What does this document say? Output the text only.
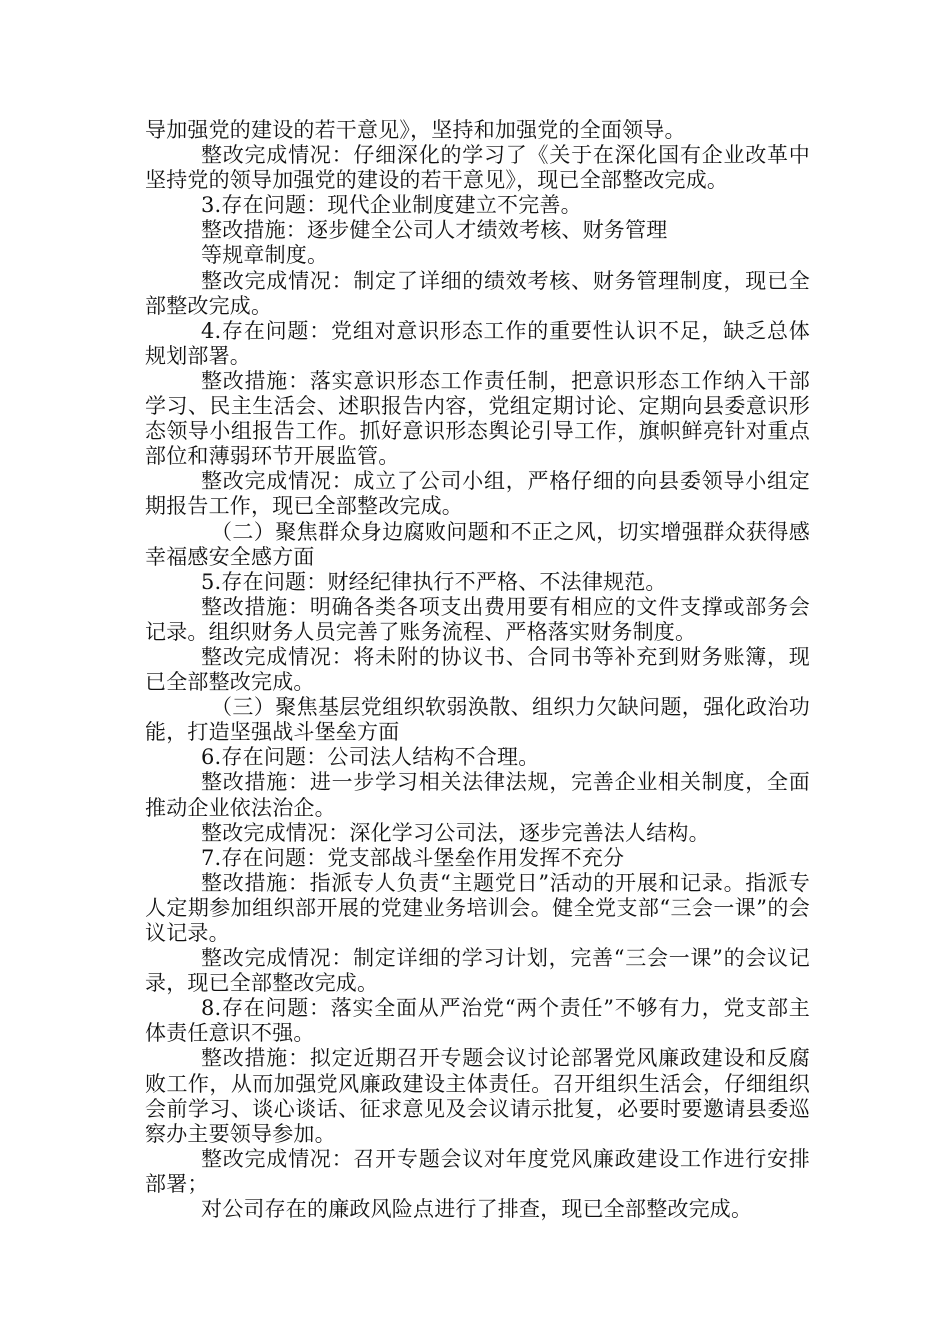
导加强党的建设的若干意见》，坚持和加强党的全面领导。

整改完成情况：仔细深化的学习了《关于在深化国有企业改革中坚持党的领导加强党的建设的若干意见》，现已全部整改完成。

3.存在问题：现代企业制度建立不完善。

整改措施：逐步健全公司人才绩效考核、财务管理

等规章制度。

整改完成情况：制定了详细的绩效考核、财务管理制度，现已全部整改完成。

4.存在问题：党组对意识形态工作的重要性认识不足，缺乏总体规划部署。

整改措施：落实意识形态工作责任制，把意识形态工作纳入干部学习、民主生活会、述职报告内容，党组定期讨论、定期向县委意识形态领导小组报告工作。抓好意识形态舆论引导工作，旗帜鲜亮针对重点部位和薄弱环节开展监管。

整改完成情况：成立了公司小组，严格仔细的向县委领导小组定期报告工作，现已全部整改完成。

（二）聚焦群众身边腐败问题和不正之风，切实增强群众获得感幸福感安全感方面

5.存在问题：财经纪律执行不严格、不法律规范。

整改措施：明确各类各项支出费用要有相应的文件支撑或部务会记录。组织财务人员完善了账务流程、严格落实财务制度。

整改完成情况：将未附的协议书、合同书等补充到财务账簿，现已全部整改完成。

（三）聚焦基层党组织软弱涣散、组织力欠缺问题，强化政治功能，打造坚强战斗堡垒方面

6.存在问题：公司法人结构不合理。

整改措施：进一步学习相关法律法规，完善企业相关制度，全面推动企业依法治企。

整改完成情况：深化学习公司法，逐步完善法人结构。

7.存在问题：党支部战斗堡垒作用发挥不充分

整改措施：指派专人负责“主题党日”活动的开展和记录。指派专人定期参加组织部开展的党建业务培训会。健全党支部“三会一课”的会议记录。

整改完成情况：制定详细的学习计划，完善“三会一课”的会议记录，现已全部整改完成。

8.存在问题：落实全面从严治党“两个责任”不够有力，党支部主体责任意识不强。

整改措施：拟定近期召开专题会议讨论部署党风廉政建设和反腐败工作，从而加强党风廉政建设主体责任。召开组织生活会，仔细组织会前学习、谈心谈话、征求意见及会议请示批复，必要时要邀请县委巡察办主要领导参加。

整改完成情况：召开专题会议对年度党风廉政建设工作进行安排部署；

对公司存在的廉政风险点进行了排查，现已全部整改完成。
